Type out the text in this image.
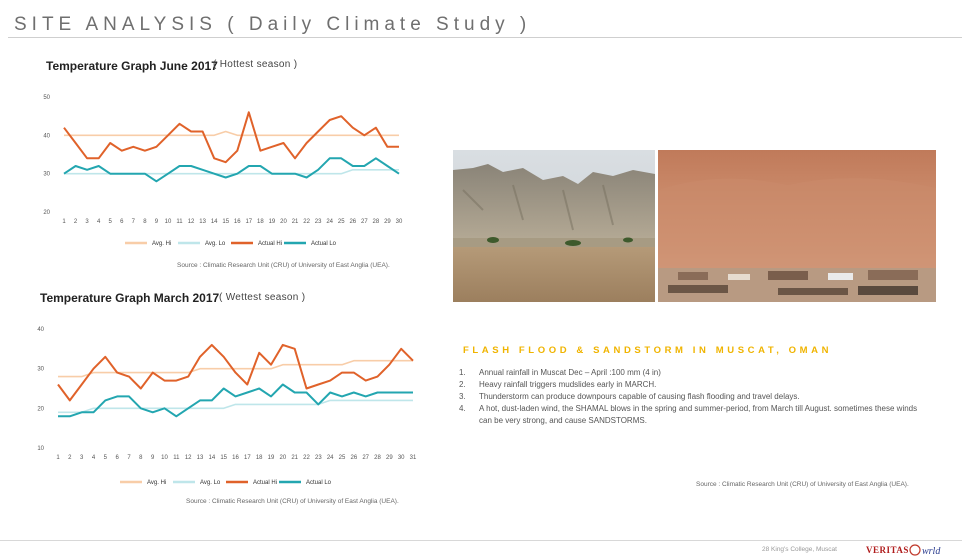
SITE ANALYSIS ( Daily Climate Study )
Temperature Graph June 2017
( Hottest season )
20
30
40
50
1 2 3 4 5 6 7 8 9 10 11 12 13 14 15 16 17 18 19 20 21 22 23 24 25 26 27 28 29 30
Avg. Hi	Avg. Lo	Actual Hi	Actual Lo
Source : Climatic Research Unit (CRU) of University of East Anglia (UEA).
Temperature Graph March 2017 ( Wettest season )
10
20
30
40
1 2 3 4 5 6 7 8 9 10 11 12 13 14 15 16 17 18 19 20 21 22 23 24 25 26 27 28 29 30 31
Avg. Hi	Avg. Lo	Actual Hi	Actual Lo
Source : Climatic Research Unit (CRU) of University of East Anglia (UEA).
FLASH FLOOD & SANDSTORM IN MUSCAT, OMAN
1.	Annual rainfall in Muscat Dec – April :100 mm (4 in)
2.	Heavy rainfall triggers mudslides early in MARCH.
3.	Thunderstorm can produce downpours capable of causing flash flooding and travel delays.
4.	A hot, dust-laden wind, the SHAMAL blows in the spring and summer-period, from March till August. sometimes these winds can be very strong, and cause SANDSTORMS.
Source : Climatic Research Unit (CRU) of University of East Anglia (UEA).
28 King's College, Muscat	VERITAS wrld
